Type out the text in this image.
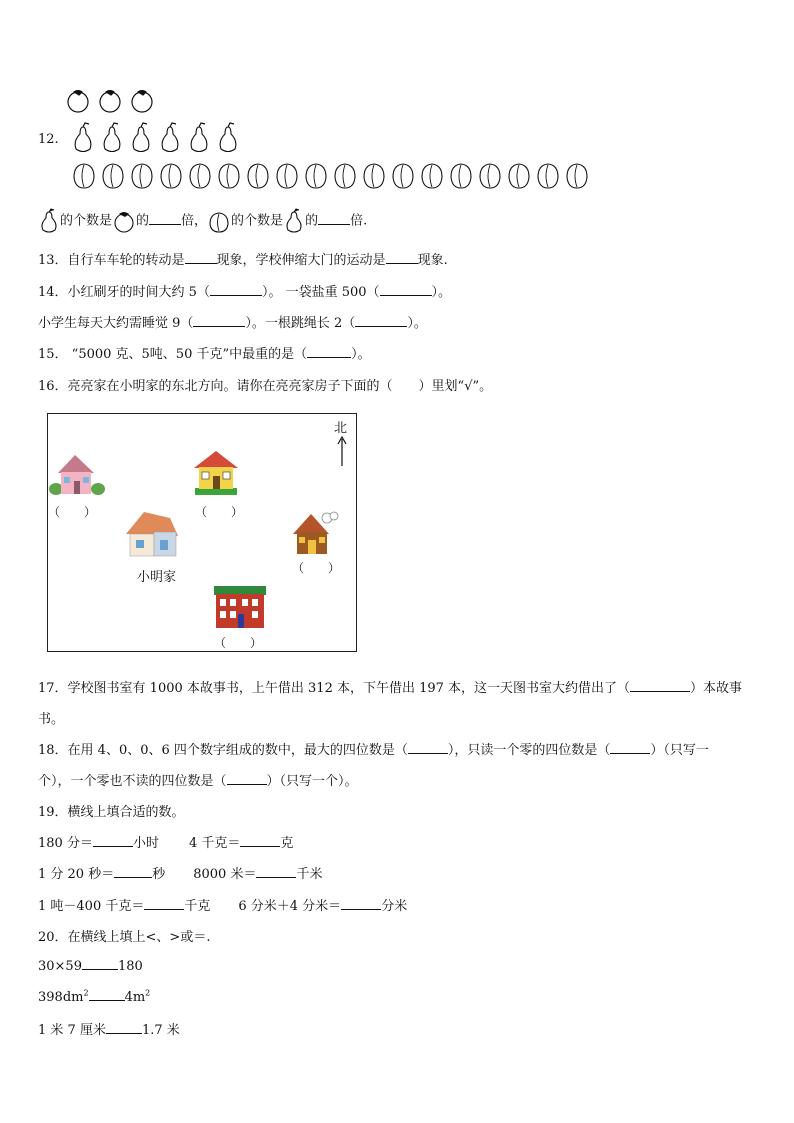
12.
的个数是 的 倍， 的个数是 的 倍.
13．自行车车轮的转动是 现象，学校伸缩大门的运动是 现象.
14．小红刷牙的时间大约 5（	）。 一袋盐重 500（	）。
小学生每天大约需睡觉 9（	）。一根跳绳长 2（	）。
15． “5000 克、5吨、50 千克”中最重的是（	）。
16．亮亮家在小明家的东北方向。请你在亮亮家房子下面的（　　）里划“√”。
北
（　　）	（　　）
小明家
（　　）
（　　）
17．学校图书室有 1000 本故事书，上午借出 312 本，下午借出 197 本，这一天图书室大约借出了（	）本故事
书。
18．在用 4、0、0、6 四个数字组成的数中，最大的四位数是（	），只读一个零的四位数是（	）（只写一
个），一个零也不读的四位数是（	）（只写一个）。
19．横线上填合适的数。
180 分＝	小时 4 千克＝	克
1 分 20 秒＝	秒 8000 米＝	千米
1 吨－400 千克＝	千克 6 分米＋4 分米＝	分米
20．在横线上填上<、>或＝.
30×59	180
$398dm^2$	$4m^2$
1 米 7 厘米	1.7 米
